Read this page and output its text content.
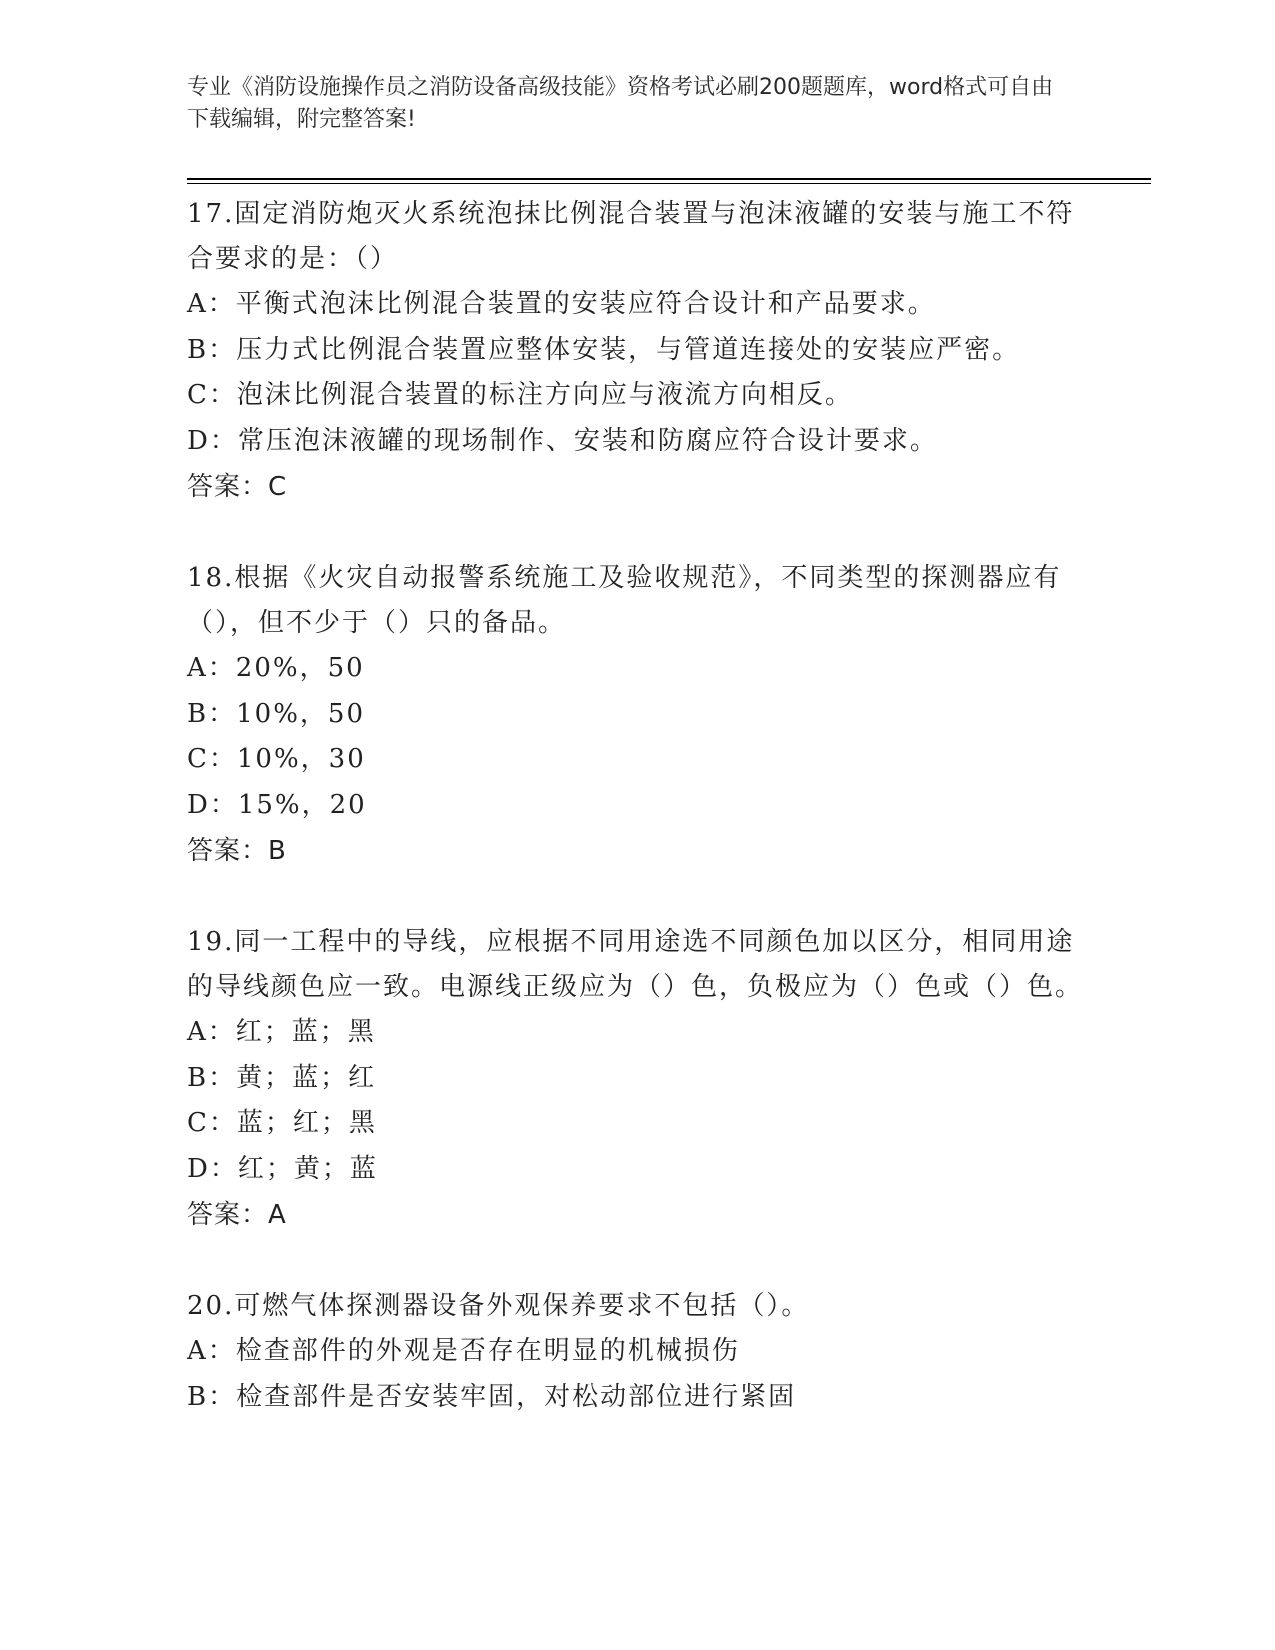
专业《消防设施操作员之消防设备高级技能》资格考试必刷200题题库，word格式可自由下载编辑，附完整答案!
17.固定消防炮灭火系统泡抹比例混合装置与泡沫液罐的安装与施工不符合要求的是：（）
A：平衡式泡沫比例混合装置的安装应符合设计和产品要求。
B：压力式比例混合装置应整体安装，与管道连接处的安装应严密。
C：泡沫比例混合装置的标注方向应与液流方向相反。
D：常压泡沫液罐的现场制作、安装和防腐应符合设计要求。
答案：C
18.根据《火灾自动报警系统施工及验收规范》，不同类型的探测器应有（），但不少于（）只的备品。
A：20%，50
B：10%，50
C：10%，30
D：15%，20
答案：B
19.同一工程中的导线，应根据不同用途选不同颜色加以区分，相同用途的导线颜色应一致。电源线正级应为（）色，负极应为（）色或（）色。
A：红；蓝；黑
B：黄；蓝；红
C：蓝；红；黑
D：红；黄；蓝
答案：A
20.可燃气体探测器设备外观保养要求不包括（）。
A：检查部件的外观是否存在明显的机械损伤
B：检查部件是否安装牢固，对松动部位进行紧固
